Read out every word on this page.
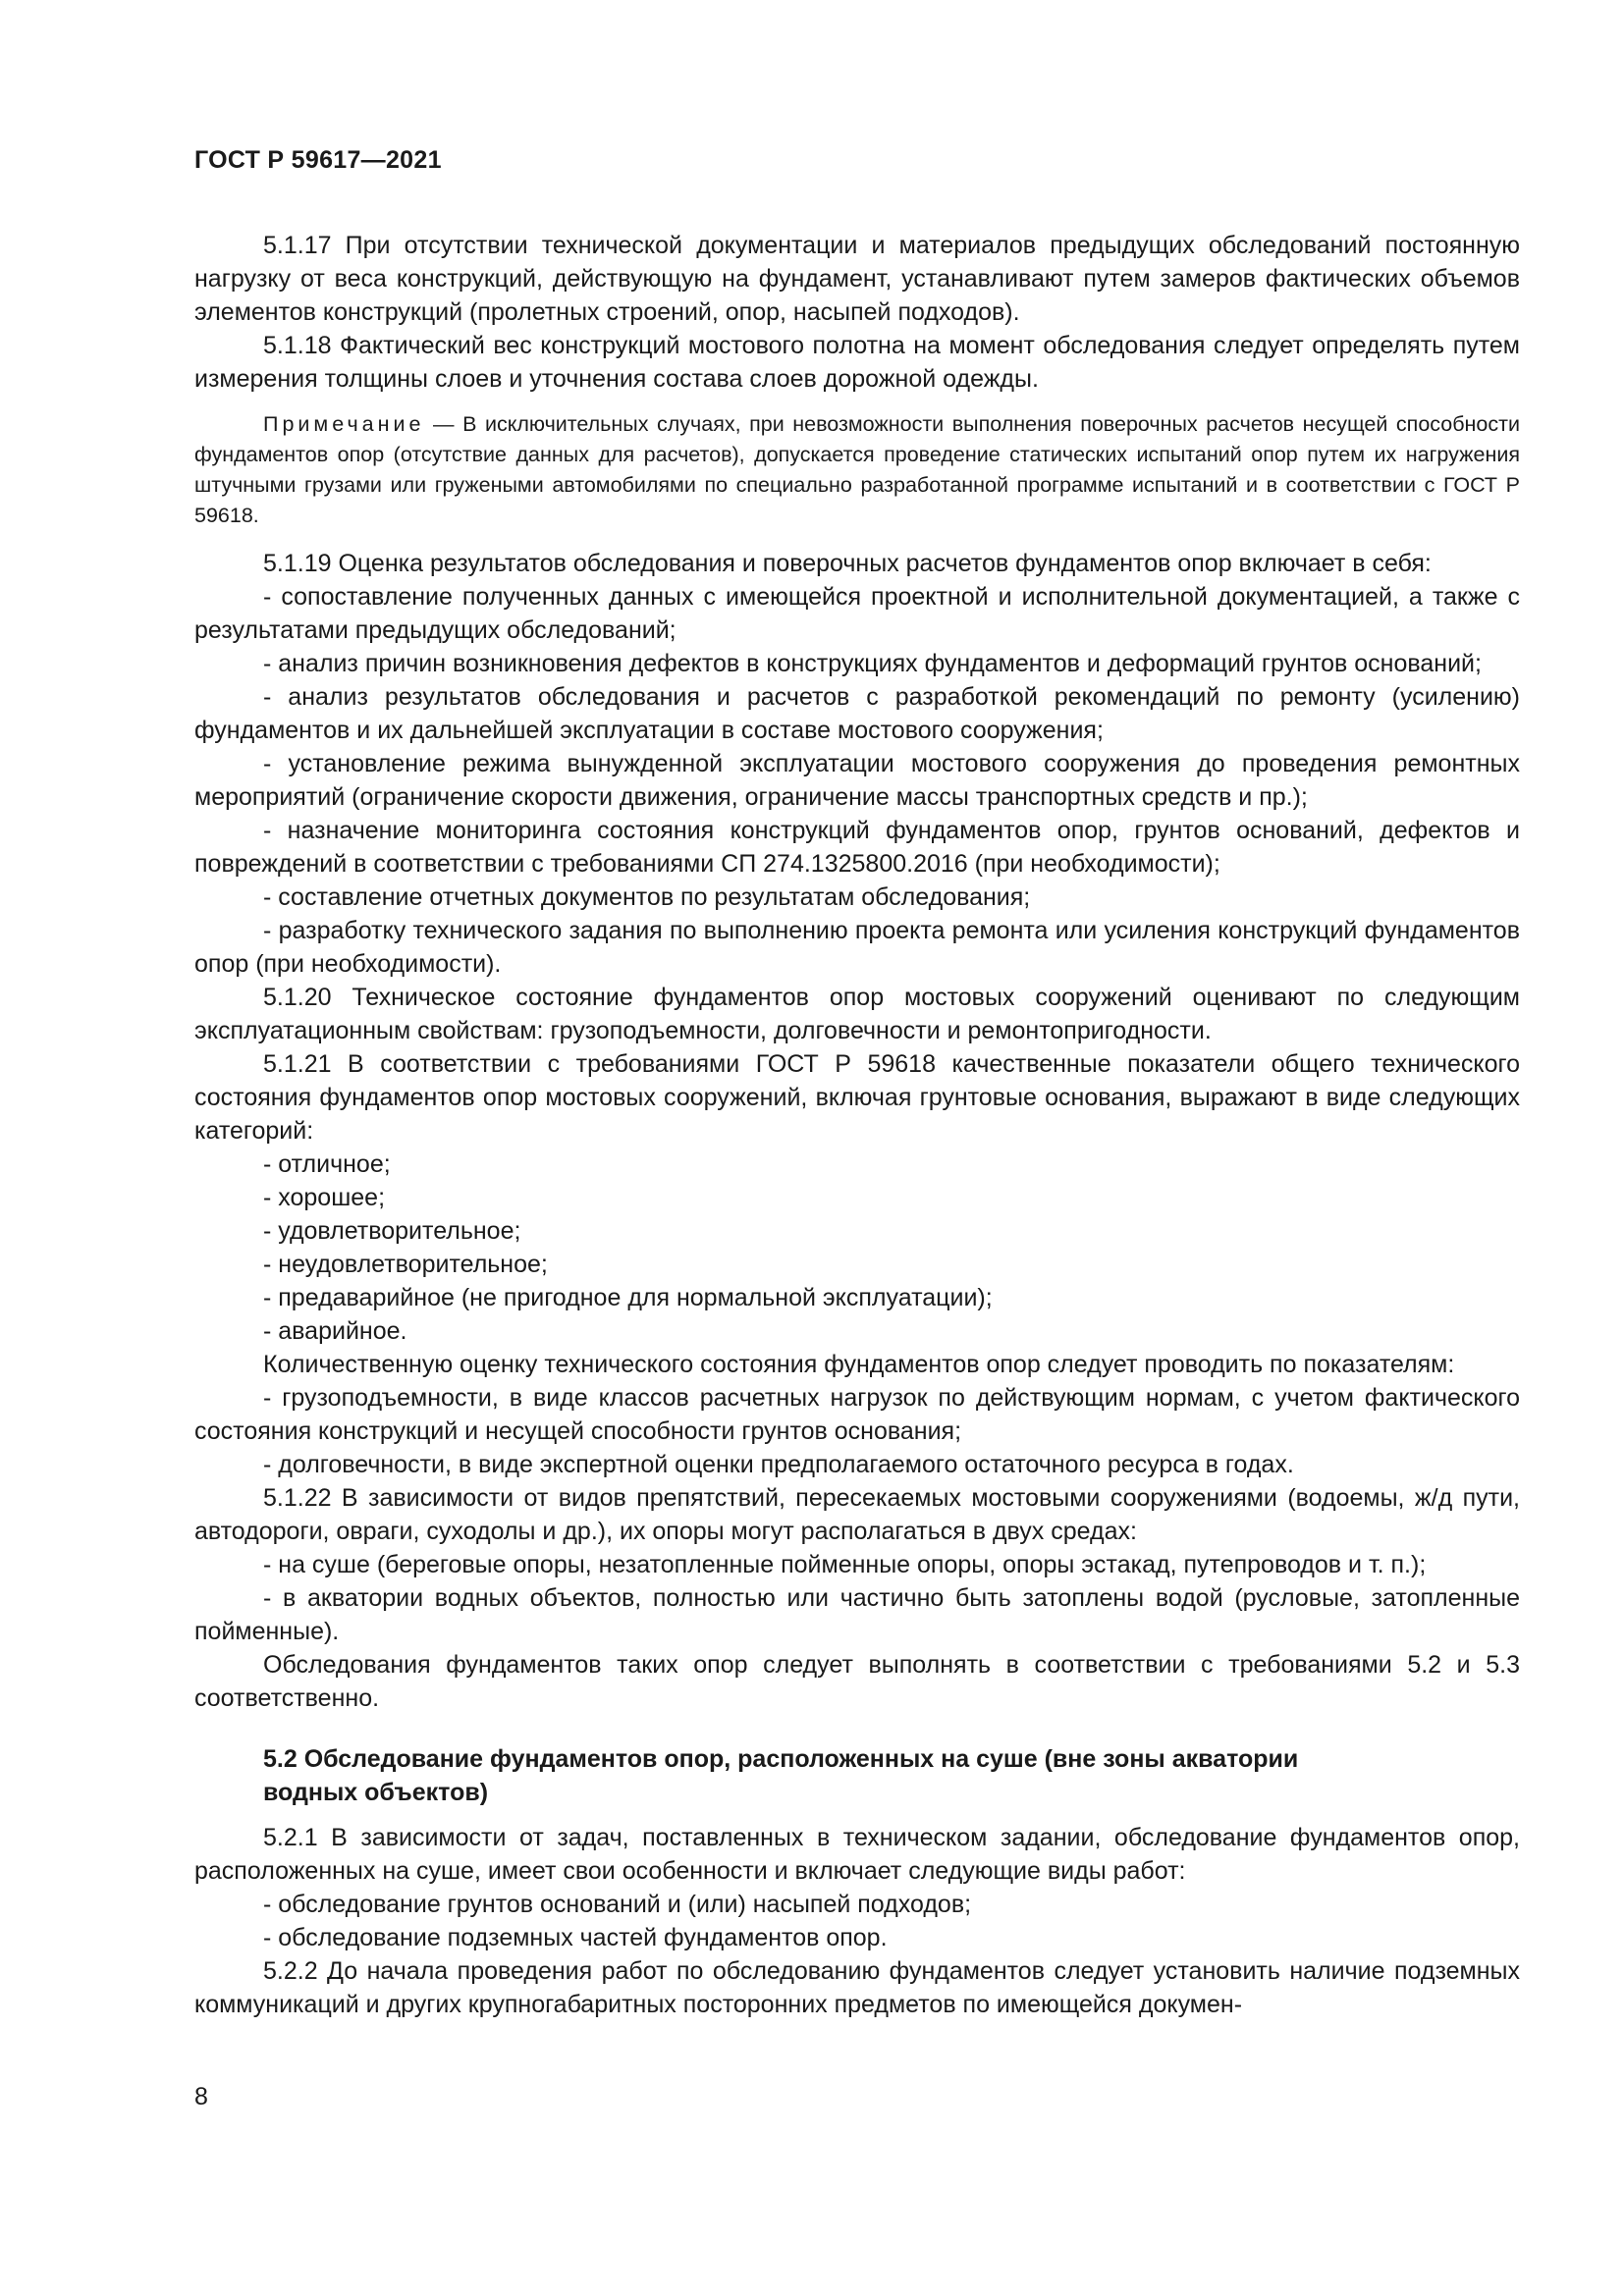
ГОСТ Р 59617—2021

5.1.17 При отсутствии технической документации и материалов предыдущих обследований постоянную нагрузку от веса конструкций, действующую на фундамент, устанавливают путем замеров фактических объемов элементов конструкций (пролетных строений, опор, насыпей подходов).

5.1.18 Фактический вес конструкций мостового полотна на момент обследования следует определять путем измерения толщины слоев и уточнения состава слоев дорожной одежды.

Примечание — В исключительных случаях, при невозможности выполнения поверочных расчетов несущей способности фундаментов опор (отсутствие данных для расчетов), допускается проведение статических испытаний опор путем их нагружения штучными грузами или гружеными автомобилями по специально разработанной программе испытаний и в соответствии с ГОСТ Р 59618.

5.1.19 Оценка результатов обследования и поверочных расчетов фундаментов опор включает в себя:

- сопоставление полученных данных с имеющейся проектной и исполнительной документацией, а также с результатами предыдущих обследований;

- анализ причин возникновения дефектов в конструкциях фундаментов и деформаций грунтов оснований;

- анализ результатов обследования и расчетов с разработкой рекомендаций по ремонту (усилению) фундаментов и их дальнейшей эксплуатации в составе мостового сооружения;

- установление режима вынужденной эксплуатации мостового сооружения до проведения ремонтных мероприятий (ограничение скорости движения, ограничение массы транспортных средств и пр.);

- назначение мониторинга состояния конструкций фундаментов опор, грунтов оснований, дефектов и повреждений в соответствии с требованиями СП 274.1325800.2016 (при необходимости);

- составление отчетных документов по результатам обследования;

- разработку технического задания по выполнению проекта ремонта или усиления конструкций фундаментов опор (при необходимости).

5.1.20 Техническое состояние фундаментов опор мостовых сооружений оценивают по следующим эксплуатационным свойствам: грузоподъемности, долговечности и ремонтопригодности.

5.1.21 В соответствии с требованиями ГОСТ Р 59618 качественные показатели общего технического состояния фундаментов опор мостовых сооружений, включая грунтовые основания, выражают в виде следующих категорий:

- отличное;

- хорошее;

- удовлетворительное;

- неудовлетворительное;

- предаварийное (не пригодное для нормальной эксплуатации);

- аварийное.

Количественную оценку технического состояния фундаментов опор следует проводить по показателям:

- грузоподъемности, в виде классов расчетных нагрузок по действующим нормам, с учетом фактического состояния конструкций и несущей способности грунтов основания;

- долговечности, в виде экспертной оценки предполагаемого остаточного ресурса в годах.

5.1.22 В зависимости от видов препятствий, пересекаемых мостовыми сооружениями (водоемы, ж/д пути, автодороги, овраги, суходолы и др.), их опоры могут располагаться в двух средах:

- на суше (береговые опоры, незатопленные пойменные опоры, опоры эстакад, путепроводов и т. п.);

- в акватории водных объектов, полностью или частично быть затоплены водой (русловые, затопленные пойменные).

Обследования фундаментов таких опор следует выполнять в соответствии с требованиями 5.2 и 5.3 соответственно.

5.2 Обследование фундаментов опор, расположенных на суше (вне зоны акватории водных объектов)

5.2.1 В зависимости от задач, поставленных в техническом задании, обследование фундаментов опор, расположенных на суше, имеет свои особенности и включает следующие виды работ:

- обследование грунтов оснований и (или) насыпей подходов;

- обследование подземных частей фундаментов опор.

5.2.2 До начала проведения работ по обследованию фундаментов следует установить наличие подземных коммуникаций и других крупногабаритных посторонних предметов по имеющейся докумен-

8
